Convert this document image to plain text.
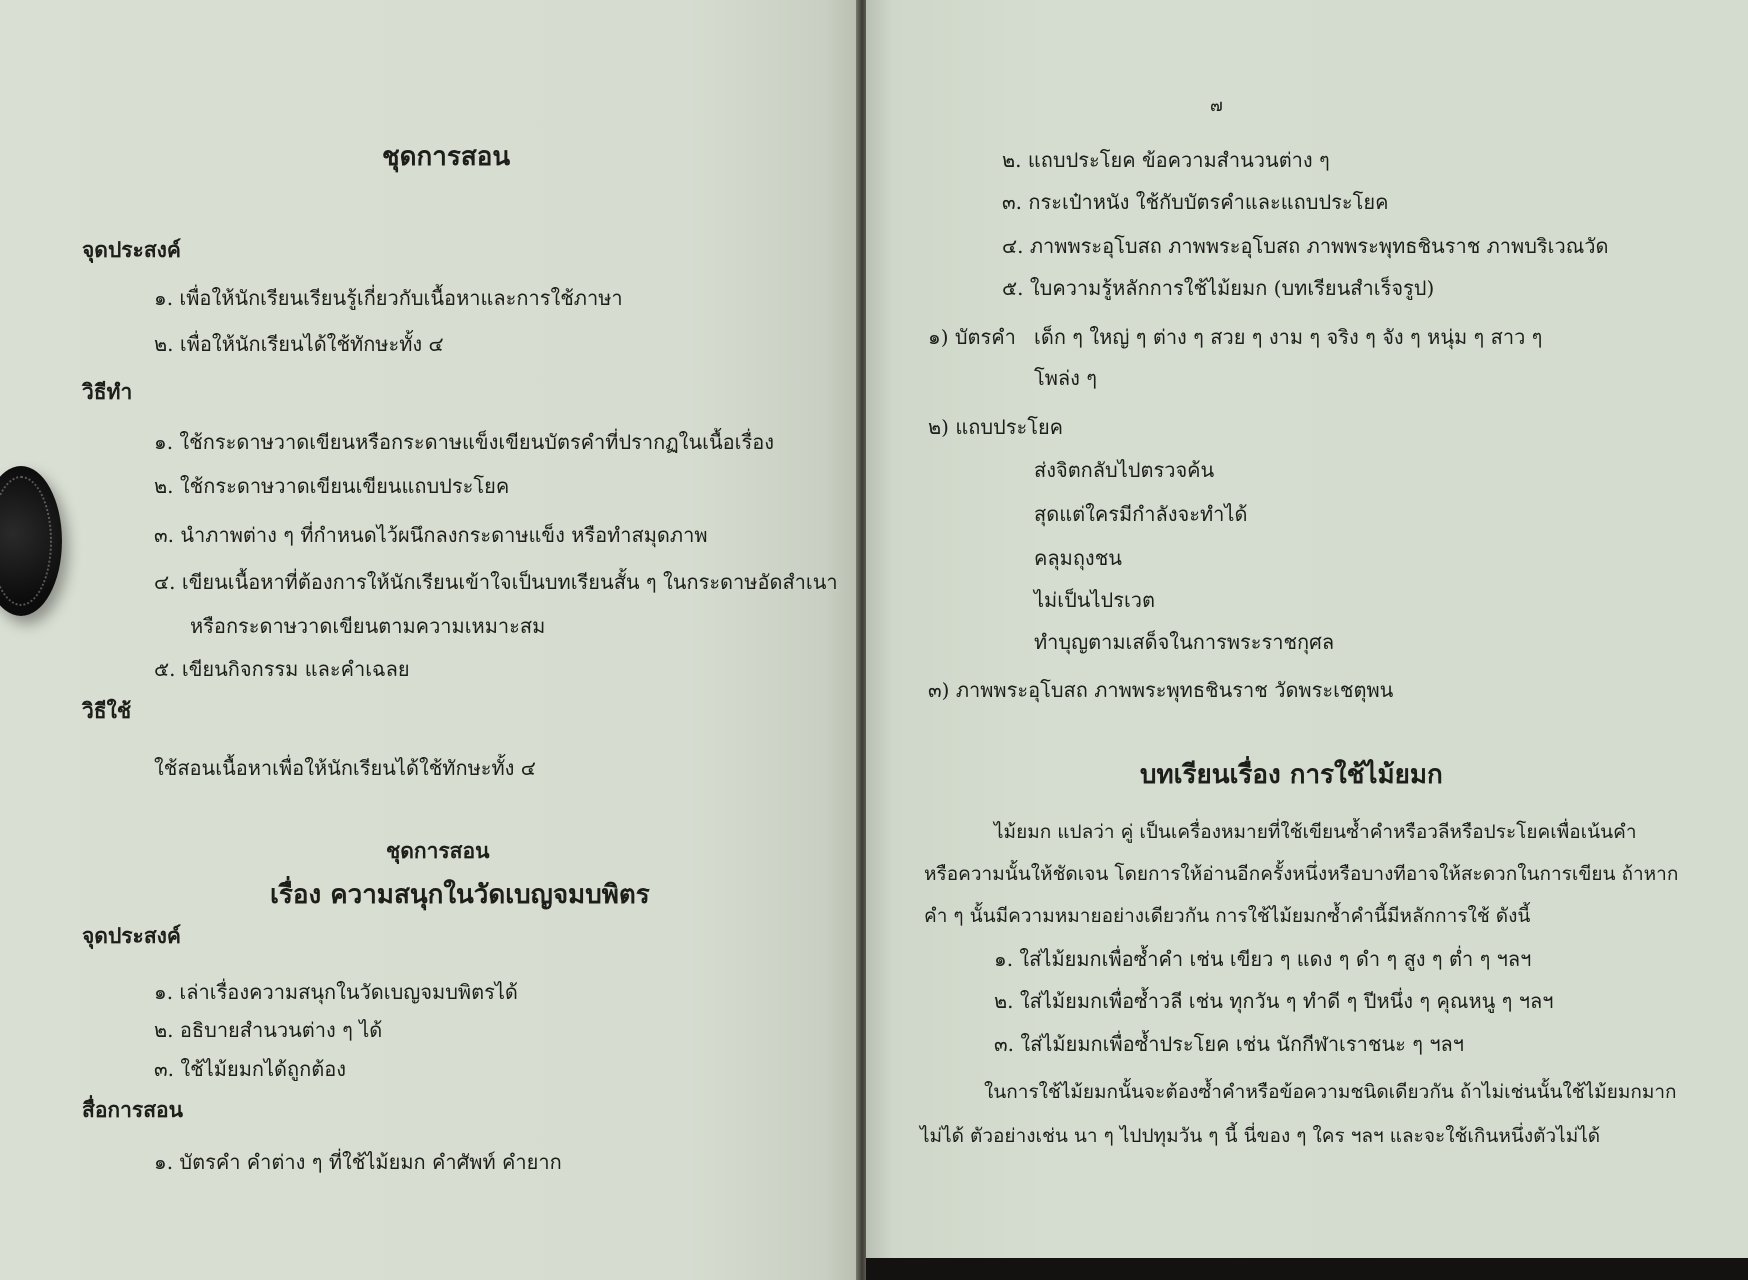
ชุดการสอน
จุดประสงค์
๑. เพื่อให้นักเรียนเรียนรู้เกี่ยวกับเนื้อหาและการใช้ภาษา
๒. เพื่อให้นักเรียนได้ใช้ทักษะทั้ง ๔
วิธีทำ
๑. ใช้กระดาษวาดเขียนหรือกระดาษแข็งเขียนบัตรคำที่ปรากฏในเนื้อเรื่อง
๒. ใช้กระดาษวาดเขียนเขียนแถบประโยค
๓. นำภาพต่าง ๆ ที่กำหนดไว้ผนึกลงกระดาษแข็ง หรือทำสมุดภาพ
๔. เขียนเนื้อหาที่ต้องการให้นักเรียนเข้าใจเป็นบทเรียนสั้น ๆ ในกระดาษอัดสำเนา
หรือกระดาษวาดเขียนตามความเหมาะสม
๕. เขียนกิจกรรม และคำเฉลย
วิธีใช้
ใช้สอนเนื้อหาเพื่อให้นักเรียนได้ใช้ทักษะทั้ง ๔
ชุดการสอน
เรื่อง ความสนุกในวัดเบญจมบพิตร
จุดประสงค์
๑. เล่าเรื่องความสนุกในวัดเบญจมบพิตรได้
๒. อธิบายสำนวนต่าง ๆ ได้
๓. ใช้ไม้ยมกได้ถูกต้อง
สื่อการสอน
๑. บัตรคำ คำต่าง ๆ ที่ใช้ไม้ยมก คำศัพท์ คำยาก
๗
๒. แถบประโยค ข้อความสำนวนต่าง ๆ
๓. กระเป๋าหนัง ใช้กับบัตรคำและแถบประโยค
๔. ภาพพระอุโบสถ ภาพพระอุโบสถ ภาพพระพุทธชินราช ภาพบริเวณวัด
๕. ใบความรู้หลักการใช้ไม้ยมก (บทเรียนสำเร็จรูป)
๑) บัตรคำ เด็ก ๆ ใหญ่ ๆ ต่าง ๆ สวย ๆ งาม ๆ จริง ๆ จัง ๆ หนุ่ม ๆ สาว ๆ
โพล่ง ๆ
๒) แถบประโยค
ส่งจิตกลับไปตรวจค้น
สุดแต่ใครมีกำลังจะทำได้
คลุมถุงชน
ไม่เป็นไปรเวต
ทำบุญตามเสด็จในการพระราชกุศล
๓) ภาพพระอุโบสถ ภาพพระพุทธชินราช วัดพระเชตุพน
บทเรียนเรื่อง การใช้ไม้ยมก
ไม้ยมก แปลว่า คู่ เป็นเครื่องหมายที่ใช้เขียนซ้ำคำหรือวลีหรือประโยคเพื่อเน้นคำ
หรือความนั้นให้ชัดเจน โดยการให้อ่านอีกครั้งหนึ่งหรือบางทีอาจให้สะดวกในการเขียน ถ้าหาก
คำ ๆ นั้นมีความหมายอย่างเดียวกัน การใช้ไม้ยมกซ้ำคำนี้มีหลักการใช้ ดังนี้
๑. ใส่ไม้ยมกเพื่อซ้ำคำ เช่น เขียว ๆ แดง ๆ ดำ ๆ สูง ๆ ต่ำ ๆ ฯลฯ
๒. ใส่ไม้ยมกเพื่อซ้ำวลี เช่น ทุกวัน ๆ ทำดี ๆ ปีหนึ่ง ๆ คุณหนู ๆ ฯลฯ
๓. ใส่ไม้ยมกเพื่อซ้ำประโยค เช่น นักกีฬาเราชนะ ๆ ฯลฯ
ในการใช้ไม้ยมกนั้นจะต้องซ้ำคำหรือข้อความชนิดเดียวกัน ถ้าไม่เช่นนั้นใช้ไม้ยมกมาก
ไม่ได้ ตัวอย่างเช่น นา ๆ ไปปทุมวัน ๆ นี้ นี่ของ ๆ ใคร ฯลฯ และจะใช้เกินหนึ่งตัวไม่ได้
